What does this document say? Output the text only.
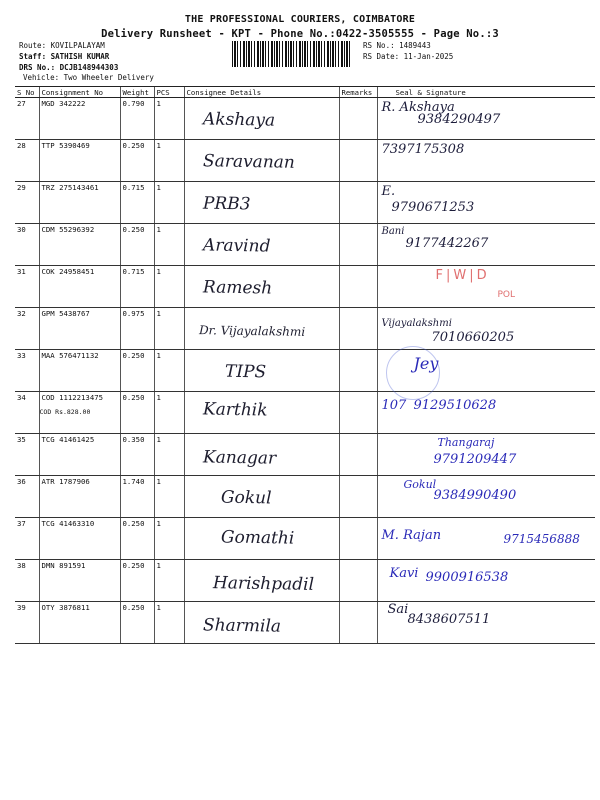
THE PROFESSIONAL COURIERS, COIMBATORE
Delivery Runsheet - KPT - Phone No.:0422-3505555 - Page No.:3
Route: KOVILPALAYAM
Staff: SATHISH KUMAR
DRS No.: DCJB148944303
Vehicle: Two Wheeler Delivery
RS No.: 1489443
RS Date: 11-Jan-2025
S No	Consignment No	Weight	PCS	Consignee Details	Remarks	Seal & Signature
27	MGD 342222	0.790	1	Akshaya		R. Akshaya
9384290497

28	TTP 5390469	0.250	1	Saravanan		7397175308

29	TRZ 275143461	0.715	1	PRB3		E.
9790671253

30	CDM 55296392	0.250	1	Aravind		Bani
9177442267

31	COK 24958451	0.715	1	Ramesh		F|W|D
POL

32	GPM 5438767	0.975	1	Dr. Vijayalakshmi		Vijayalakshmi
7010660205

33	MAA 576471132	0.250	1	TIPS		Jey

34	COD 1112213475
COD Rs.828.00	0.250	1	Karthik		107 9129510628

35	TCG 41461425	0.350	1	Kanagar		Thangaraj
9791209447

36	ATR 1787906	1.740	1	Gokul		Gokul
9384990490

37	TCG 41463310	0.250	1	Gomathi		M. Rajan 9715456888

38	DMN 891591	0.250	1	Harishpadil		Kavi 9900916538

39	OTY 3876811	0.250	1	Sharmila		Sai
8438607511
